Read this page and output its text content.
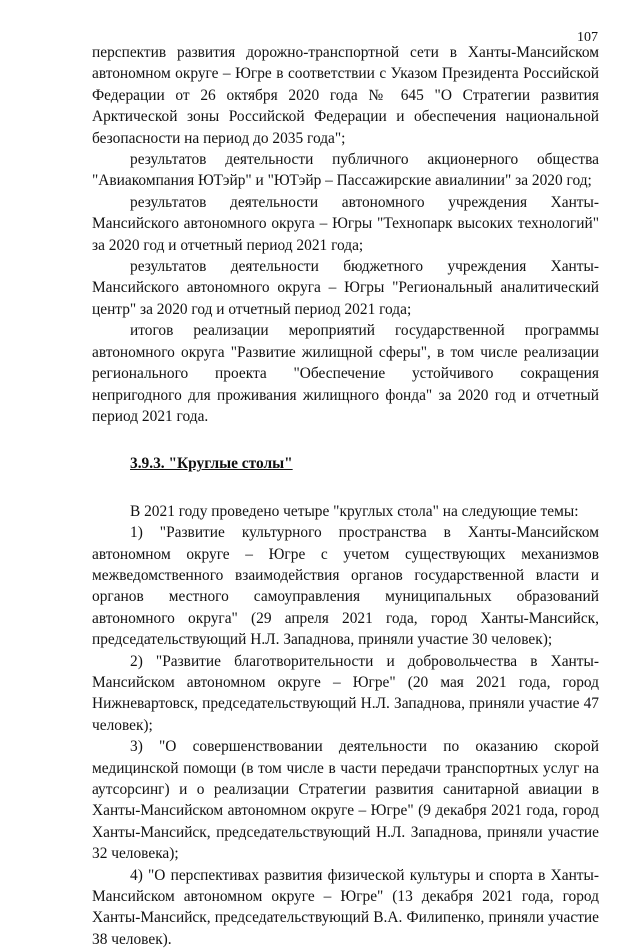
107

перспектив развития дорожно-транспортной сети в Ханты-Мансийском автономном округе – Югре в соответствии с Указом Президента Российской Федерации от 26 октября 2020 года № 645 "О Стратегии развития Арктической зоны Российской Федерации и обеспечения национальной безопасности на период до 2035 года";

результатов деятельности публичного акционерного общества "Авиакомпания ЮТэйр" и "ЮТэйр – Пассажирские авиалинии" за 2020 год;

результатов деятельности автономного учреждения Ханты-Мансийского автономного округа – Югры "Технопарк высоких технологий" за 2020 год и отчетный период 2021 года;

результатов деятельности бюджетного учреждения Ханты-Мансийского автономного округа – Югры "Региональный аналитический центр" за 2020 год и отчетный период 2021 года;

итогов реализации мероприятий государственной программы автономного округа "Развитие жилищной сферы", в том числе реализации регионального проекта "Обеспечение устойчивого сокращения непригодного для проживания жилищного фонда" за 2020 год и отчетный период 2021 года.

3.9.3. "Круглые столы"

В 2021 году проведено четыре "круглых стола" на следующие темы:

1) "Развитие культурного пространства в Ханты-Мансийском автономном округе – Югре с учетом существующих механизмов межведомственного взаимодействия органов государственной власти и органов местного самоуправления муниципальных образований автономного округа" (29 апреля 2021 года, город Ханты-Мансийск, председательствующий Н.Л. Западнова, приняли участие 30 человек);

2) "Развитие благотворительности и добровольчества в Ханты-Мансийском автономном округе – Югре" (20 мая 2021 года, город Нижневартовск, председательствующий Н.Л. Западнова, приняли участие 47 человек);

3) "О совершенствовании деятельности по оказанию скорой медицинской помощи (в том числе в части передачи транспортных услуг на аутсорсинг) и о реализации Стратегии развития санитарной авиации в Ханты-Мансийском автономном округе – Югре" (9 декабря 2021 года, город Ханты-Мансийск, председательствующий Н.Л. Западнова, приняли участие 32 человека);

4) "О перспективах развития физической культуры и спорта в Ханты-Мансийском автономном округе – Югре" (13 декабря 2021 года, город Ханты-Мансийск, председательствующий В.А. Филипенко, приняли участие 38 человек).
